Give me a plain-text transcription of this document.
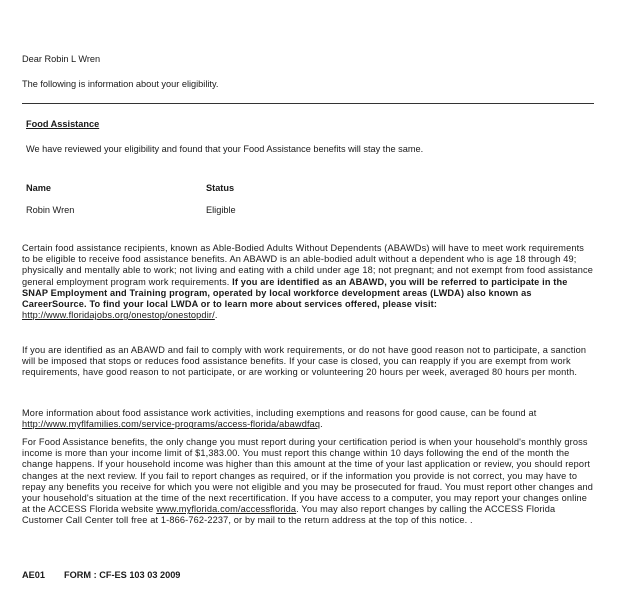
Dear Robin L Wren
The following is information about your eligibility.
Food Assistance
We have reviewed your eligibility and found that your Food Assistance benefits will stay the same.
Name	Status
Robin Wren	Eligible
Certain food assistance recipients, known as Able-Bodied Adults Without Dependents (ABAWDs) will have to meet work requirements to be eligible to receive food assistance benefits. An ABAWD is an able-bodied adult without a dependent who is age 18 through 49; physically and mentally able to work; not living and eating with a child under age 18; not pregnant; and not exempt from food assistance general employment program work requirements. If you are identified as an ABAWD, you will be referred to participate in the SNAP Employment and Training program, operated by local workforce development areas (LWDA) also known as CareerSource. To find your local LWDA or to learn more about services offered, please visit: http://www.floridajobs.org/onestop/onestopdir/.
If you are identified as an ABAWD and fail to comply with work requirements, or do not have good reason not to participate, a sanction will be imposed that stops or reduces food assistance benefits. If your case is closed, you can reapply if you are exempt from work requirements, have good reason to not participate, or are working or volunteering 20 hours per week, averaged 80 hours per month.
More information about food assistance work activities, including exemptions and reasons for good cause, can be found at http://www.myflfamilies.com/service-programs/access-florida/abawdfaq.
For Food Assistance benefits, the only change you must report during your certification period is when your household's monthly gross income is more than your income limit of $1,383.00. You must report this change within 10 days following the end of the month the change happens. If your household income was higher than this amount at the time of your last application or review, you should report changes at the next review. If you fail to report changes as required, or if the information you provide is not correct, you may have to repay any benefits you receive for which you were not eligible and you may be prosecuted for fraud. You must report other changes and your household's situation at the time of the next recertification. If you have access to a computer, you may report your changes online at the ACCESS Florida website www.myflorida.com/accessflorida. You may also report changes by calling the ACCESS Florida Customer Call Center toll free at 1-866-762-2237, or by mail to the return address at the top of this notice. .
AE01 FORM : CF-ES 103 03 2009
